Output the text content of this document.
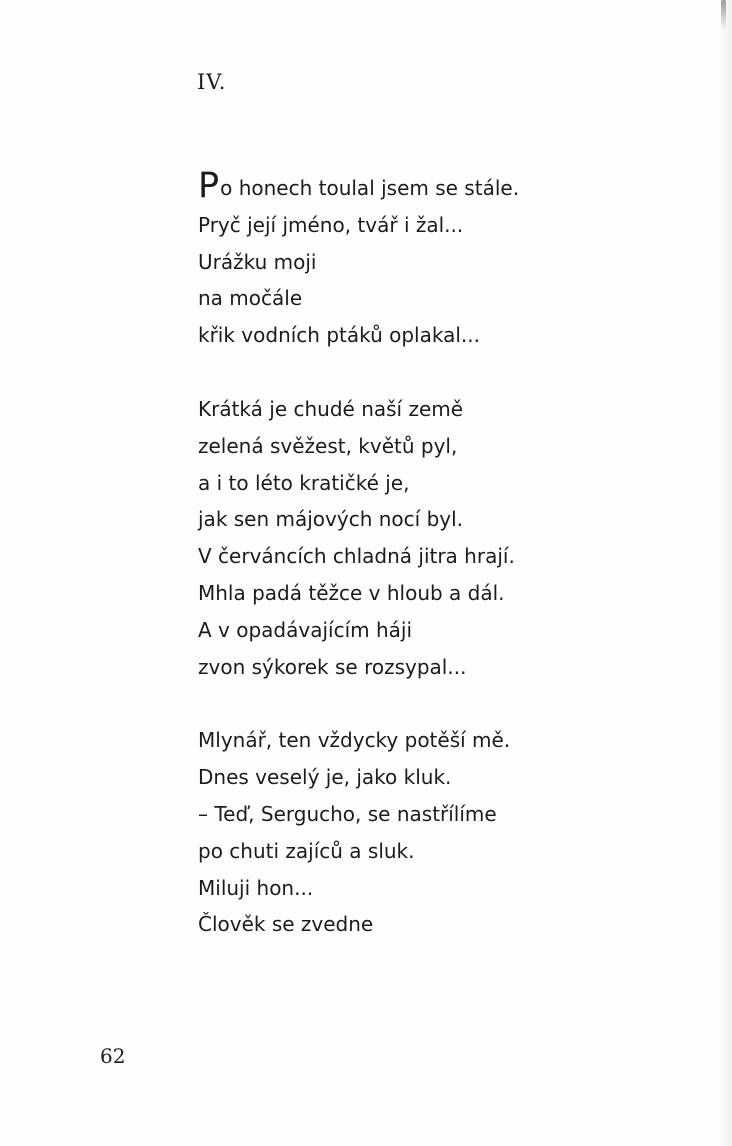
IV.
Po honech toulal jsem se stále.
Pryč její jméno, tvář i žal...
Urážku moji
na močále
křik vodních ptáků oplakal...
Krátká je chudé naší země
zelená svěžest, květů pyl,
a i to léto kratičké je,
jak sen májových nocí byl.
V červáncích chladná jitra hrají.
Mhla padá těžce v hloub a dál.
A v opadávajícím háji
zvon sýkorek se rozsypal...
Mlynář, ten vždycky potěší mě.
Dnes veselý je, jako kluk.
– Teď, Sergucho, se nastřílíme
po chuti zajíců a sluk.
Miluji hon...
Člověk se zvedne
62
